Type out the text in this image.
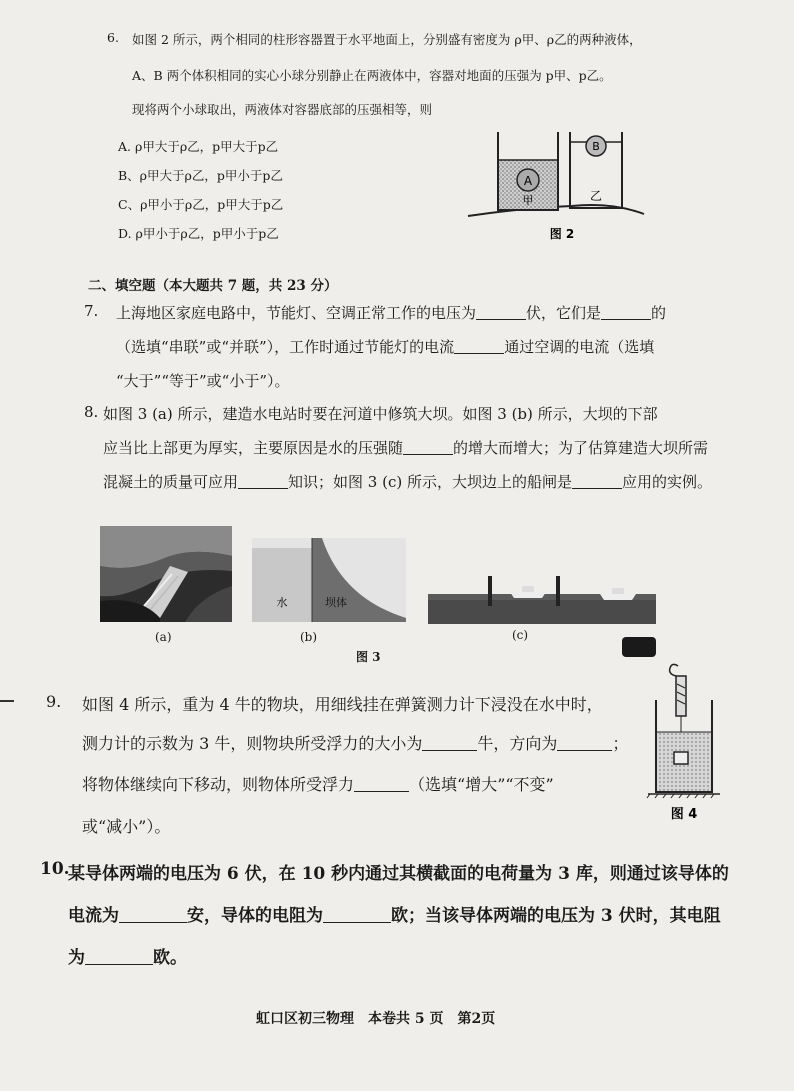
6. 如图 2 所示，两个相同的柱形容器置于水平地面上，分别盛有密度为 ρ甲、ρ乙的两种液体，
A、B 两个体积相同的实心小球分别静止在两液体中，容器对地面的压强为 p甲、p乙。
现将两个小球取出，两液体对容器底部的压强相等，则
A. ρ甲大于ρ乙，p甲大于p乙
B、ρ甲大于ρ乙，p甲小于p乙
C、ρ甲小于ρ乙，p甲大于p乙
D. ρ甲小于ρ乙，p甲小于p乙
A
甲
B
乙
图 2
二、填空题（本大题共 7 题，共 23 分）
7. 上海地区家庭电路中，节能灯、空调正常工作的电压为	伏，它们是	的
（选填“串联”或“并联”），工作时通过节能灯的电流	通过空调的电流（选填
“大于”“等于”或“小于”）。
8. 如图 3 (a) 所示，建造水电站时要在河道中修筑大坝。如图 3 (b) 所示，大坝的下部
应当比上部更为厚实，主要原因是水的压强随	的增大而增大；为了估算建造大坝所需
混凝土的质量可应用	知识；如图 3 (c) 所示，大坝边上的船闸是	应用的实例。
(a)
水	坝体
(b)	(c)
图 3
9. 如图 4 所示，重为 4 牛的物块，用细线挂在弹簧测力计下浸没在水中时，
测力计的示数为 3 牛，则物块所受浮力的大小为	牛，方向为	；
将物体继续向下移动，则物体所受浮力	（选填“增大”“不变”
或“减小”）。
图 4
10.
某导体两端的电压为 6 伏，在 10 秒内通过其横截面的电荷量为 3 库，则通过该导体的
电流为	安，导体的电阻为	欧；当该导体两端的电压为 3 伏时，其电阻
为	欧。
虹口区初三物理　本卷共 5 页　第2页
